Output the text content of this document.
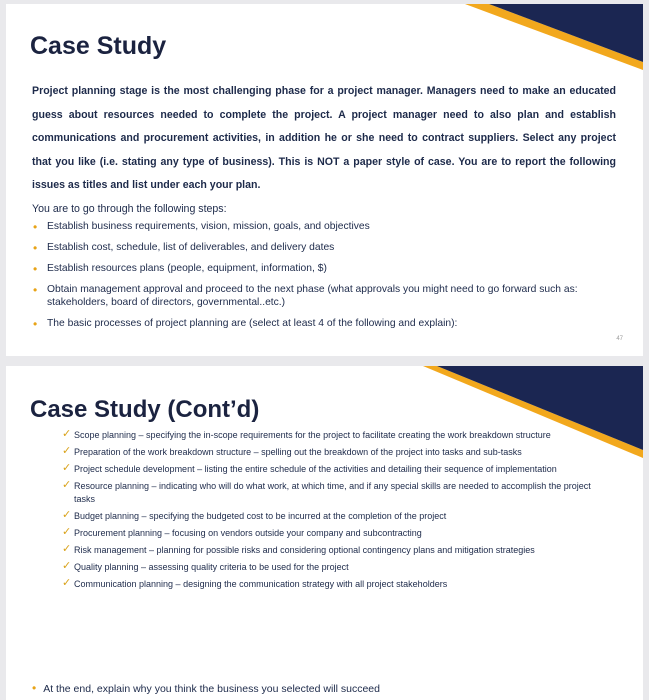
Case Study
Project planning stage is the most challenging phase for a project manager. Managers need to make an educated guess about resources needed to complete the project. A project manager need to also plan and establish communications and procurement activities, in addition he or she need to contract suppliers. Select any project that you like (i.e. stating any type of business). This is NOT a paper style of case. You are to report the following issues as titles and list under each your plan.
You are to go through the following steps:
• Establish business requirements, vision, mission, goals, and objectives
• Establish cost, schedule, list of deliverables, and delivery dates
• Establish resources plans (people, equipment, information, $)
• Obtain management approval and proceed to the next phase (what approvals you might need to go forward such as: stakeholders, board of directors, governmental..etc.)
• The basic processes of project planning are (select at least 4 of the following and explain):
47
Case Study (Cont’d)
✓ Scope planning – specifying the in-scope requirements for the project to facilitate creating the work breakdown structure
✓ Preparation of the work breakdown structure – spelling out the breakdown of the project into tasks and sub-tasks
✓ Project schedule development – listing the entire schedule of the activities and detailing their sequence of implementation
✓ Resource planning – indicating who will do what work, at which time, and if any special skills are needed to accomplish the project tasks
✓ Budget planning – specifying the budgeted cost to be incurred at the completion of the project
✓ Procurement planning – focusing on vendors outside your company and subcontracting
✓ Risk management – planning for possible risks and considering optional contingency plans and mitigation strategies
✓ Quality planning – assessing quality criteria to be used for the project
✓ Communication planning – designing the communication strategy with all project stakeholders
• At the end, explain why you think the business you selected will succeed
